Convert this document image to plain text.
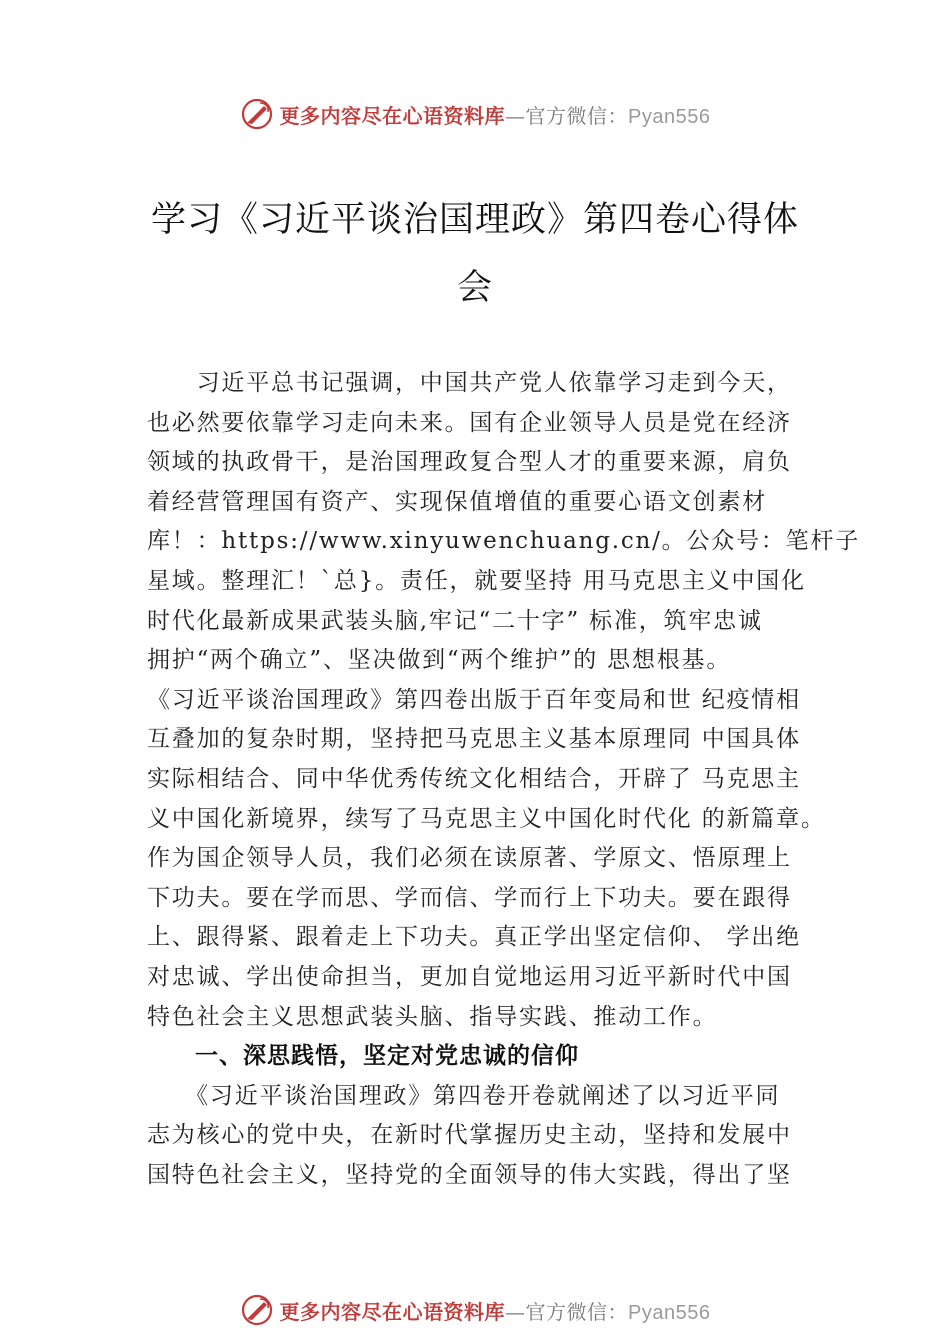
更多内容尽在心语资料库—官方微信：Pyan556
学习《习近平谈治国理政》第四卷心得体
会

　　习近平总书记强调，中国共产党人依靠学习走到今天，

也必然要依靠学习走向未来。国有企业领导人员是党在经济

领域的执政骨干，是治国理政复合型人才的重要来源，肩负

着经营管理国有资产、实现保值增值的重要心语文创素材

库！：https://www.xinyuwenchuang.cn/。公众号：笔杆子

星域。整理汇！`总}。责任，就要坚持 用马克思主义中国化

时代化最新成果武装头脑,牢记“二十字” 标准，筑牢忠诚

拥护“两个确立”、坚决做到“两个维护”的 思想根基。

《习近平谈治国理政》第四卷出版于百年变局和世 纪疫情相

互叠加的复杂时期，坚持把马克思主义基本原理同 中国具体

实际相结合、同中华优秀传统文化相结合，开辟了 马克思主

义中国化新境界，续写了马克思主义中国化时代化 的新篇章。

作为国企领导人员，我们必须在读原著、学原文、悟原理上

下功夫。要在学而思、学而信、学而行上下功夫。要在跟得

上、跟得紧、跟着走上下功夫。真正学出坚定信仰、 学出绝

对忠诚、学出使命担当，更加自觉地运用习近平新时代中国

特色社会主义思想武装头脑、指导实践、推动工作。

　　一、深思践悟，坚定对党忠诚的信仰

　　《习近平谈治国理政》第四卷开卷就阐述了以习近平同

志为核心的党中央，在新时代掌握历史主动，坚持和发展中

国特色社会主义，坚持党的全面领导的伟大实践，得出了坚

更多内容尽在心语资料库—官方微信：Pyan556
